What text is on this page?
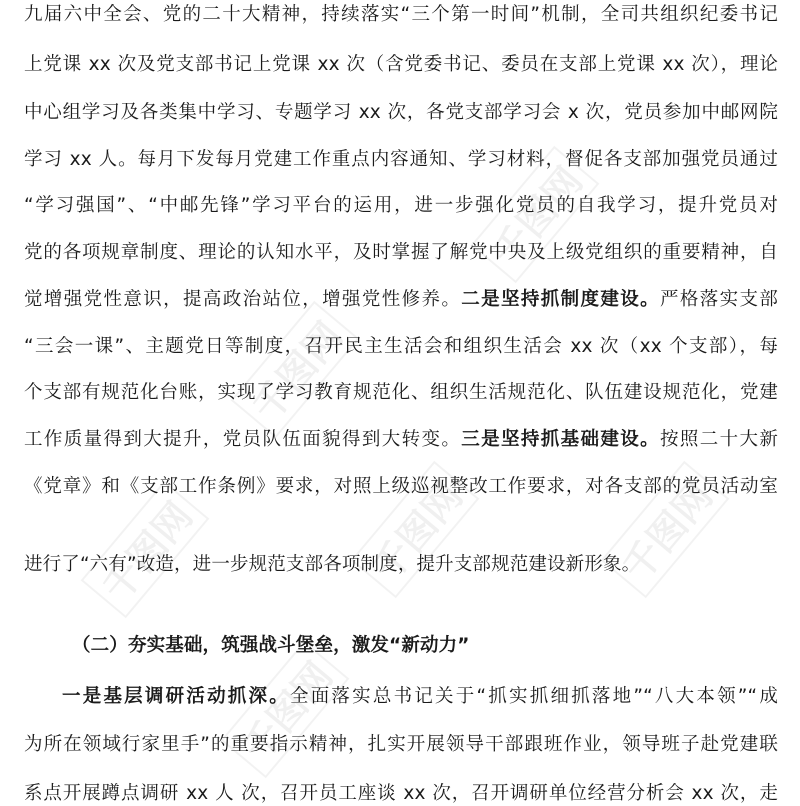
千图网
千图网
千图网	千图网	千图网
千图网
九届六中全会、党的二十大精神，持续落实“三个第一时间”机制，全司共组织纪委书记
上党课 xx 次及党支部书记上党课 xx 次（含党委书记、委员在支部上党课 xx 次），理论
中心组学习及各类集中学习、专题学习 xx 次，各党支部学习会 x 次，党员参加中邮网院
学习 xx 人。每月下发每月党建工作重点内容通知、学习材料，督促各支部加强党员通过
“学习强国”、“中邮先锋”学习平台的运用，进一步强化党员的自我学习，提升党员对
党的各项规章制度、理论的认知水平，及时掌握了解党中央及上级党组织的重要精神，自
觉增强党性意识，提高政治站位，增强党性修养。二是坚持抓制度建设。严格落实支部
“三会一课”、主题党日等制度，召开民主生活会和组织生活会 xx 次（xx 个支部），每
个支部有规范化台账，实现了学习教育规范化、组织生活规范化、队伍建设规范化，党建
工作质量得到大提升，党员队伍面貌得到大转变。三是坚持抓基础建设。按照二十大新
《党章》和《支部工作条例》要求，对照上级巡视整改工作要求，对各支部的党员活动室
进行了“六有”改造，进一步规范支部各项制度，提升支部规范建设新形象。
（二）夯实基础，筑强战斗堡垒，激发“新动力”
一是基层调研活动抓深。全面落实总书记关于“抓实抓细抓落地”“八大本领”“成
为所在领域行家里手”的重要指示精神，扎实开展领导干部跟班作业，领导班子赴党建联
系点开展蹲点调研 xx 人 次，召开员工座谈 xx 次，召开调研单位经营分析会 xx 次，走
